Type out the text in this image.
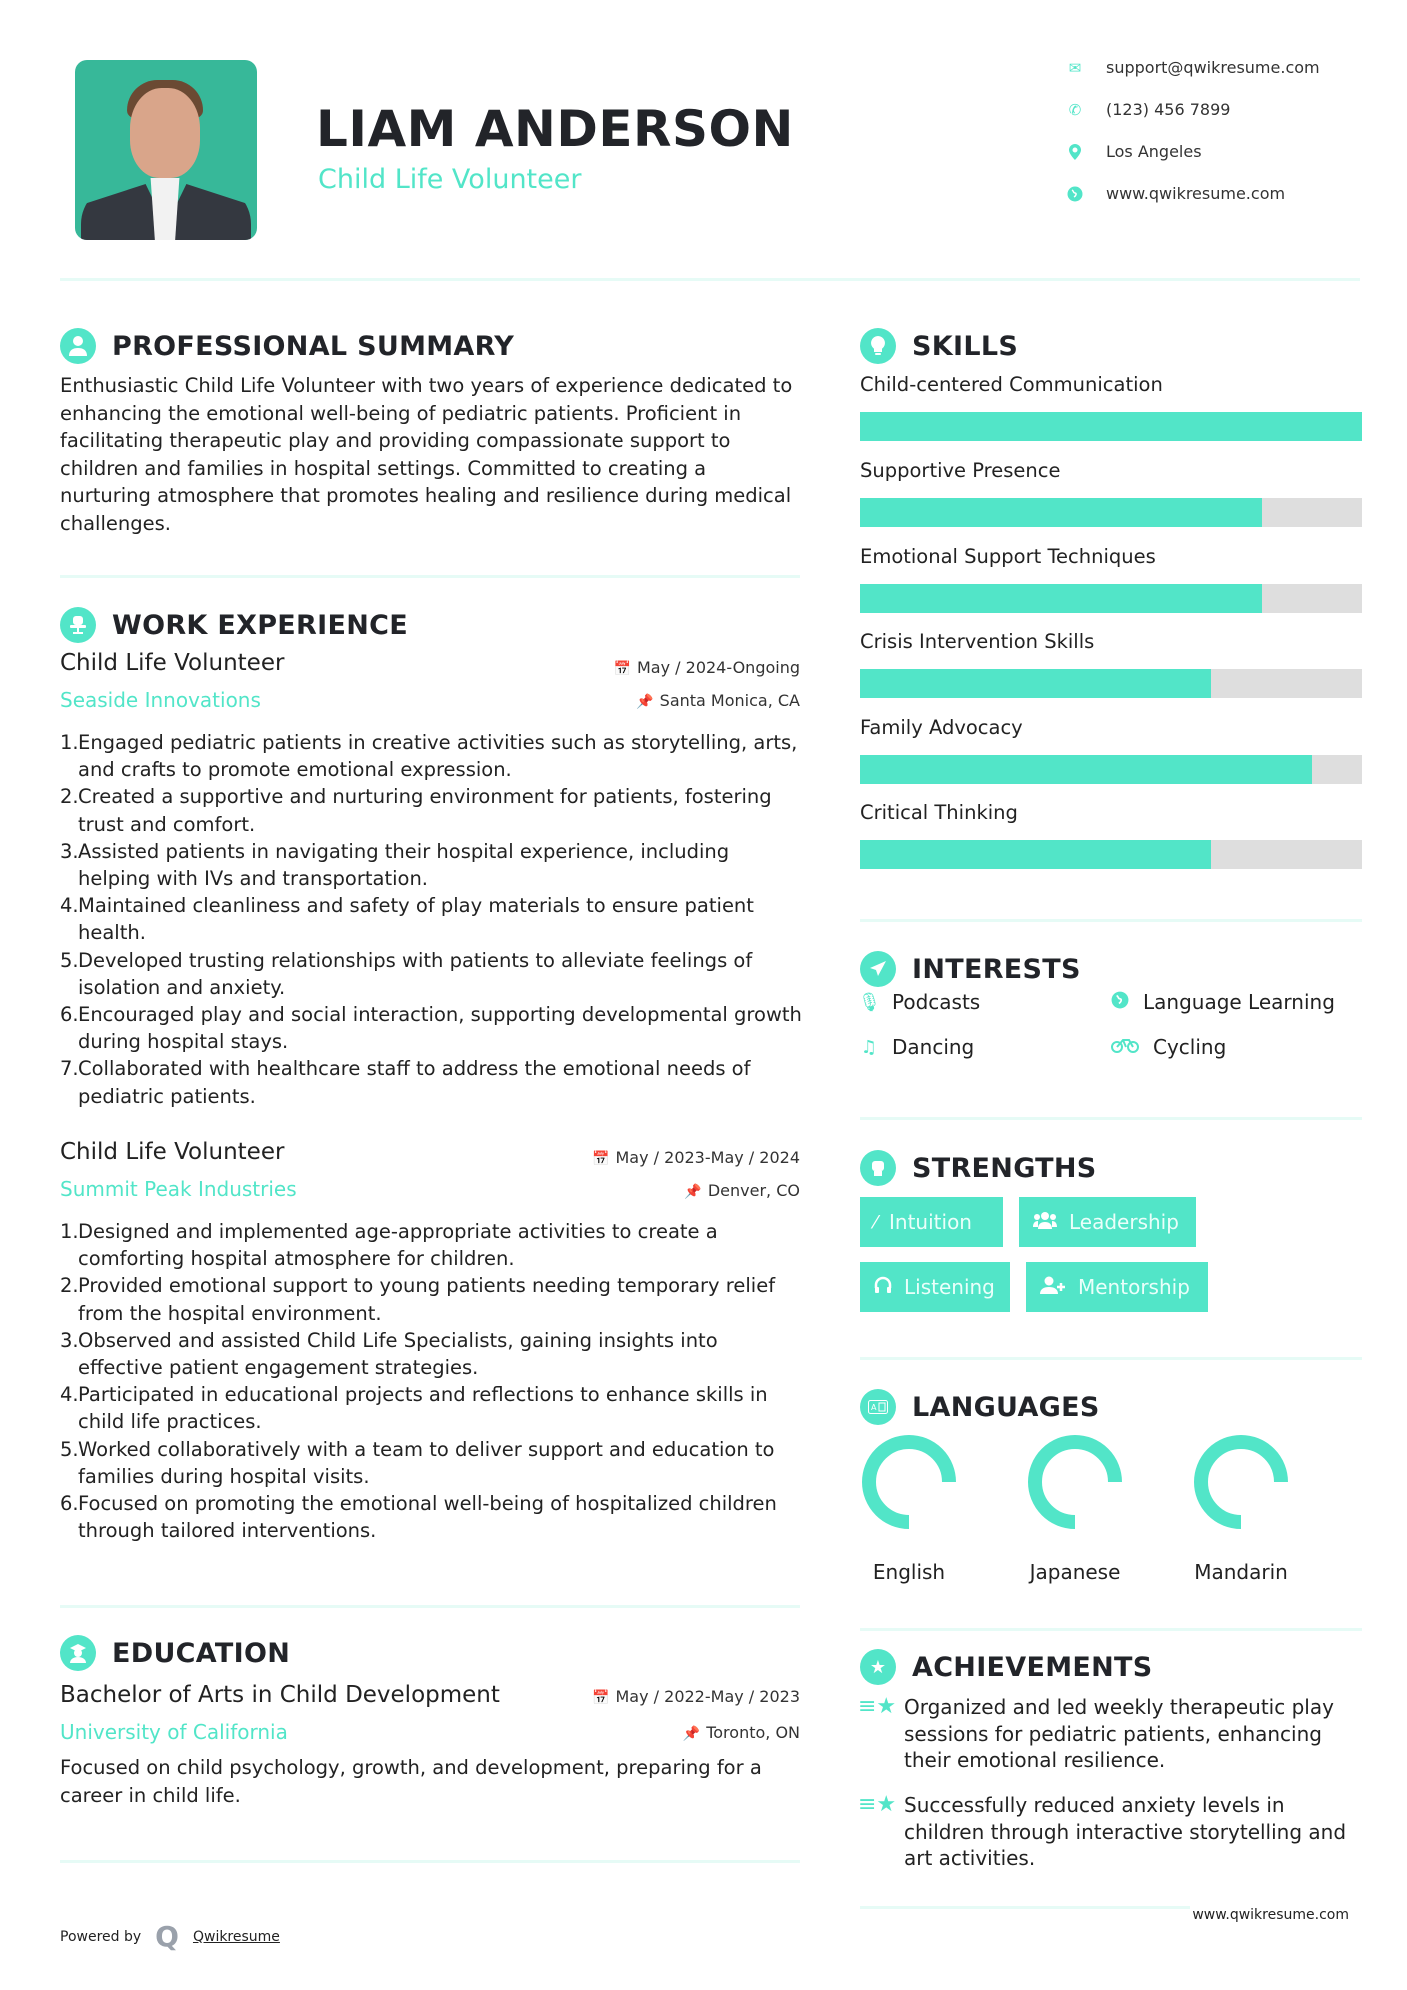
LIAM ANDERSON
Child Life Volunteer
✉ support@qwikresume.com
✆ (123) 456 7899
Los Angeles
www.qwikresume.com
PROFESSIONAL SUMMARY
Enthusiastic Child Life Volunteer with two years of experience dedicated to enhancing the emotional well-being of pediatric patients. Proficient in facilitating therapeutic play and providing compassionate support to children and families in hospital settings. Committed to creating a nurturing atmosphere that promotes healing and resilience during medical challenges.
WORK EXPERIENCE
Child Life Volunteer	📅 May / 2024-Ongoing
Seaside Innovations	📌 Santa Monica, CA
1. Engaged pediatric patients in creative activities such as storytelling, arts, and crafts to promote emotional expression.
2. Created a supportive and nurturing environment for patients, fostering trust and comfort.
3. Assisted patients in navigating their hospital experience, including helping with IVs and transportation.
4. Maintained cleanliness and safety of play materials to ensure patient health.
5. Developed trusting relationships with patients to alleviate feelings of isolation and anxiety.
6. Encouraged play and social interaction, supporting developmental growth during hospital stays.
7. Collaborated with healthcare staff to address the emotional needs of pediatric patients.
Child Life Volunteer	📅 May / 2023-May / 2024
Summit Peak Industries	📌 Denver, CO
1. Designed and implemented age-appropriate activities to create a comforting hospital atmosphere for children.
2. Provided emotional support to young patients needing temporary relief from the hospital environment.
3. Observed and assisted Child Life Specialists, gaining insights into effective patient engagement strategies.
4. Participated in educational projects and reflections to enhance skills in child life practices.
5. Worked collaboratively with a team to deliver support and education to families during hospital visits.
6. Focused on promoting the emotional well-being of hospitalized children through tailored interventions.
EDUCATION
Bachelor of Arts in Child Development	📅 May / 2022-May / 2023
University of California	📌 Toronto, ON
Focused on child psychology, growth, and development, preparing for a career in child life.
SKILLS
Child-centered Communication
Supportive Presence
Emotional Support Techniques
Crisis Intervention Skills
Family Advocacy
Critical Thinking
INTERESTS
🎙︎ Podcasts	Language Learning
♫ Dancing	Cycling
STRENGTHS
⁄ Intuition	Leadership
Listening	Mentorship
A LANGUAGES
English	Japanese	Mandarin
★ ACHIEVEMENTS
≡★ Organized and led weekly therapeutic play sessions for pediatric patients, enhancing their emotional resilience.
≡★ Successfully reduced anxiety levels in children through interactive storytelling and art activities.
Powered by Q Qwikresume
www.qwikresume.com
